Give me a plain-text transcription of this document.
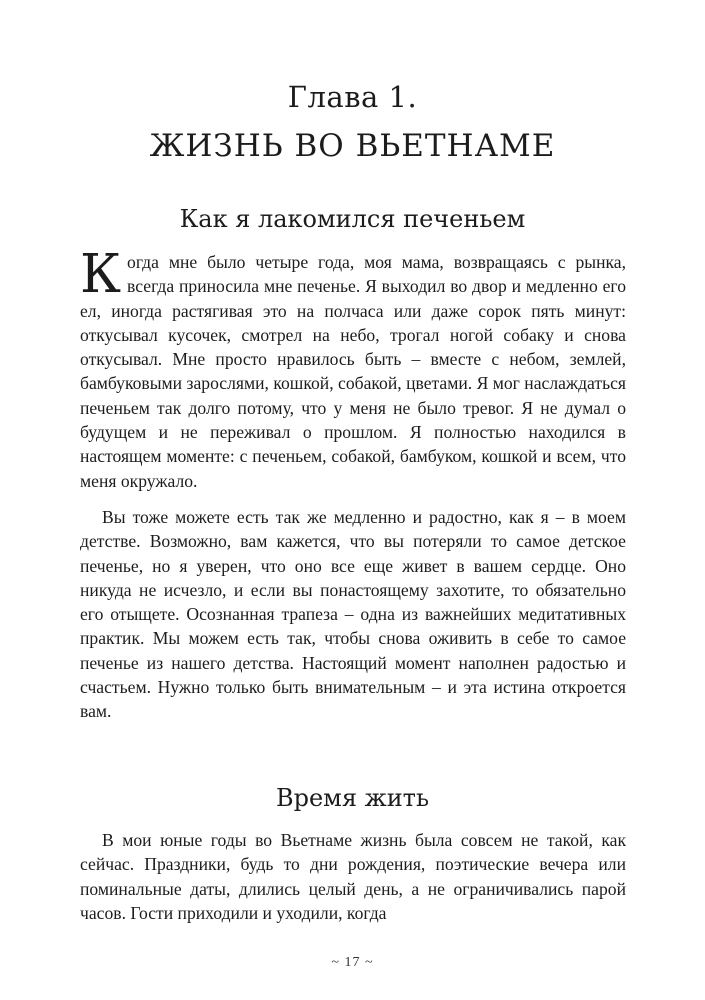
Глава 1.
ЖИЗНЬ ВО ВЬЕТНАМЕ
Как я лакомился печеньем

Когда мне было четыре года, моя мама, возвращаясь с рынка, всегда приносила мне печенье. Я выходил во двор и медленно его ел, иногда растягивая это на полчаса или даже сорок пять минут: откусывал кусочек, смотрел на небо, трогал ногой собаку и снова откусывал. Мне просто нравилось быть – вместе с небом, землей, бамбуковыми зарослями, кошкой, собакой, цветами. Я мог наслаждаться печеньем так долго потому, что у меня не было тревог. Я не думал о будущем и не переживал о прошлом. Я полностью находился в настоящем моменте: с печеньем, собакой, бамбуком, кошкой и всем, что меня окружало.

Вы тоже можете есть так же медленно и радостно, как я – в моем детстве. Возможно, вам кажется, что вы потеряли то самое детское печенье, но я уверен, что оно все еще живет в вашем сердце. Оно никуда не исчезло, и если вы понастоящему захотите, то обязательно его отыщете. Осознанная трапеза – одна из важнейших медитативных практик. Мы можем есть так, чтобы снова оживить в себе то самое печенье из нашего детства. Настоящий момент наполнен радостью и счастьем. Нужно только быть внимательным – и эта истина откроется вам.

Время жить

В мои юные годы во Вьетнаме жизнь была совсем не такой, как сейчас. Праздники, будь то дни рождения, поэтические вечера или поминальные даты, длились целый день, а не ограничивались парой часов. Гости приходили и уходили, когда

~ 17 ~
